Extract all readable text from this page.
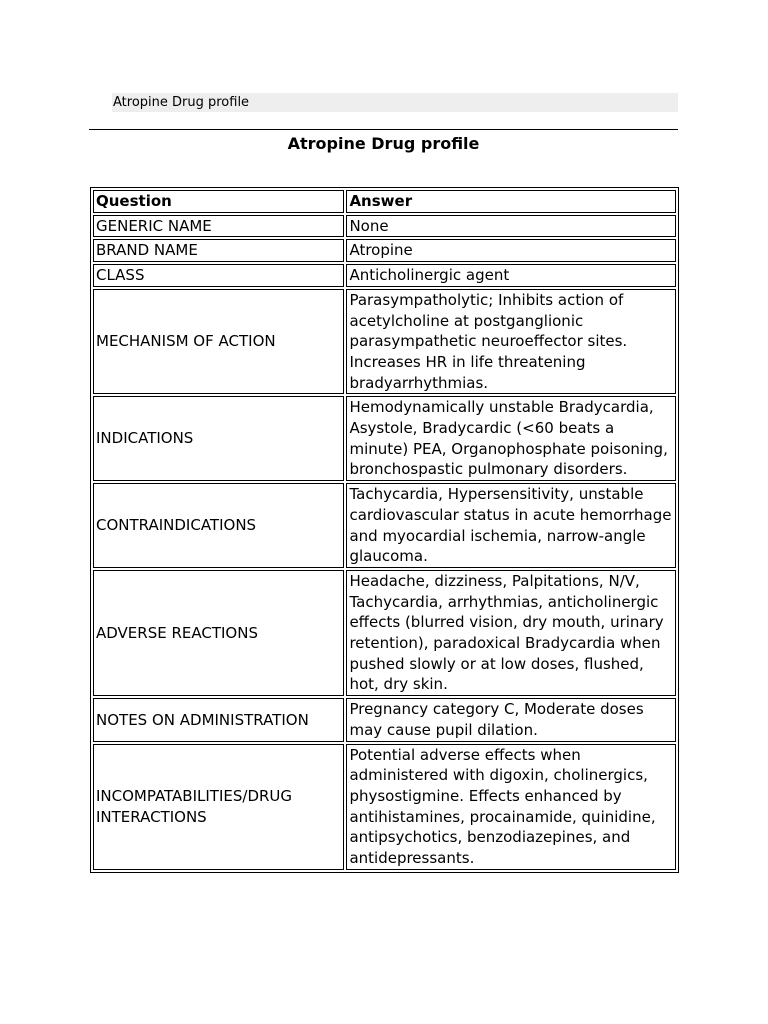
Atropine Drug profile
Atropine Drug profile
Question	Answer
GENERIC NAME	None
BRAND NAME	Atropine
CLASS	Anticholinergic agent
MECHANISM OF ACTION	Parasympatholytic; Inhibits action of acetylcholine at postganglionic parasympathetic neuroeffector sites. Increases HR in life threatening bradyarrhythmias.
INDICATIONS	Hemodynamically unstable Bradycardia, Asystole, Bradycardic (<60 beats a minute) PEA, Organophosphate poisoning, bronchospastic pulmonary disorders.
CONTRAINDICATIONS	Tachycardia, Hypersensitivity, unstable cardiovascular status in acute hemorrhage and myocardial ischemia, narrow-angle glaucoma.
ADVERSE REACTIONS	Headache, dizziness, Palpitations, N/V, Tachycardia, arrhythmias, anticholinergic effects (blurred vision, dry mouth, urinary retention), paradoxical Bradycardia when pushed slowly or at low doses, flushed, hot, dry skin.
NOTES ON ADMINISTRATION	Pregnancy category C, Moderate doses may cause pupil dilation.
INCOMPATABILITIES/DRUG INTERACTIONS	Potential adverse effects when administered with digoxin, cholinergics, physostigmine. Effects enhanced by antihistamines, procainamide, quinidine, antipsychotics, benzodiazepines, and antidepressants.
